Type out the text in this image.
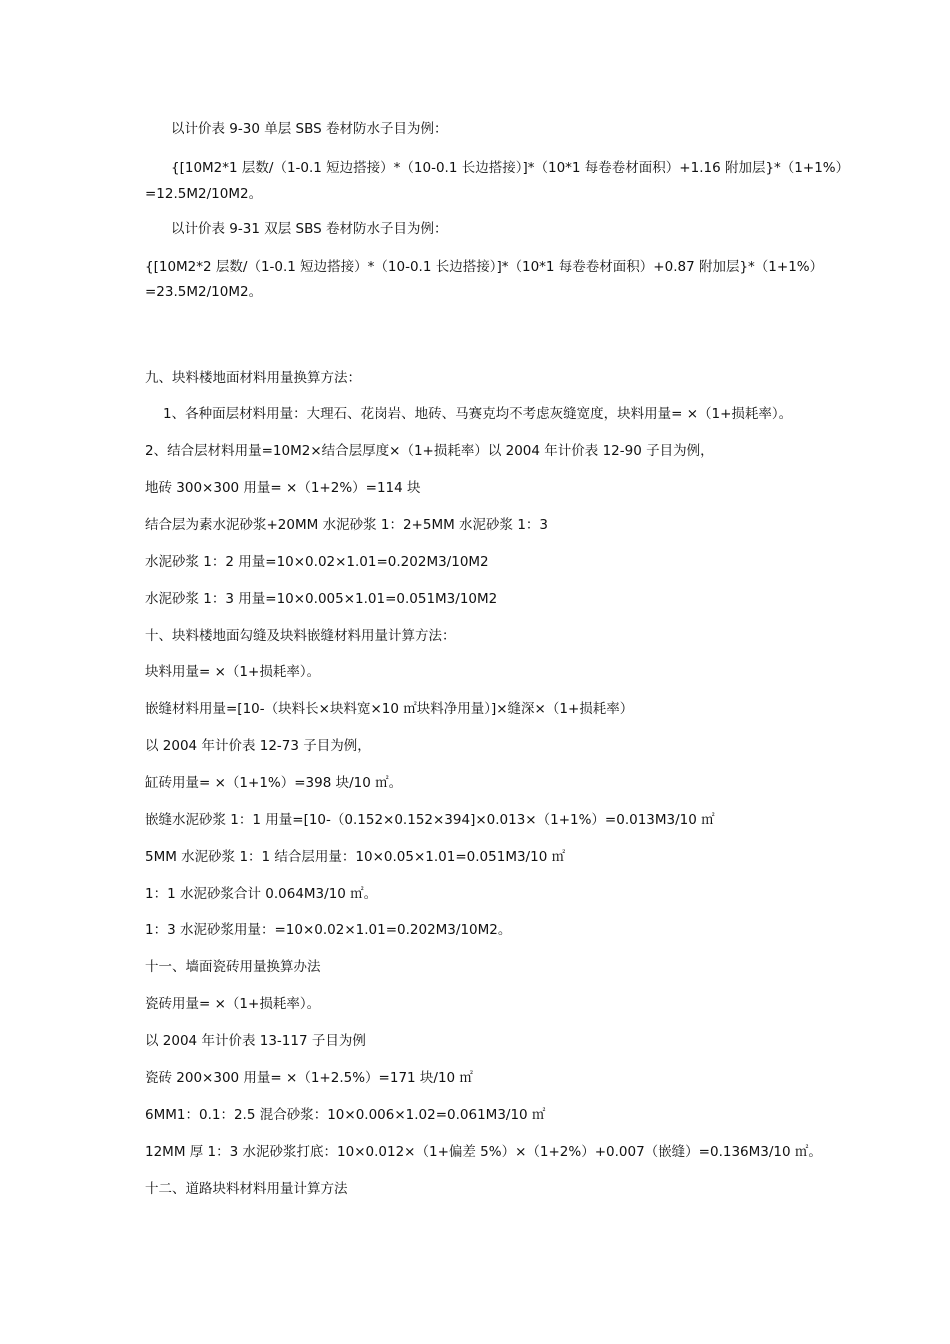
以计价表 9-30 单层 SBS 卷材防水子目为例：
{[10M2*1 层数/（1-0.1 短边搭接）*（10-0.1 长边搭接）]*（10*1 每卷卷材面积）+1.16 附加层}*（1+1%）
=12.5M2/10M2。
以计价表 9-31 双层 SBS 卷材防水子目为例：
{[10M2*2 层数/（1-0.1 短边搭接）*（10-0.1 长边搭接）]*（10*1 每卷卷材面积）+0.87 附加层}*（1+1%）
=23.5M2/10M2。
九、块料楼地面材料用量换算方法：
1、各种面层材料用量：大理石、花岗岩、地砖、马赛克均不考虑灰缝宽度，块料用量= ×（1+损耗率）。
2、结合层材料用量=10M2×结合层厚度×（1+损耗率）以 2004 年计价表 12-90 子目为例，
地砖 300×300 用量= ×（1+2%）=114 块
结合层为素水泥砂浆+20MM 水泥砂浆 1：2+5MM 水泥砂浆 1：3
水泥砂浆 1：2 用量=10×0.02×1.01=0.202M3/10M2
水泥砂浆 1：3 用量=10×0.005×1.01=0.051M3/10M2
十、块料楼地面勾缝及块料嵌缝材料用量计算方法：
块料用量= ×（1+损耗率）。
嵌缝材料用量=[10-（块料长×块料宽×10 ㎡块料净用量）]×缝深×（1+损耗率）
以 2004 年计价表 12-73 子目为例，
缸砖用量= ×（1+1%）=398 块/10 ㎡。
嵌缝水泥砂浆 1：1 用量=[10-（0.152×0.152×394]×0.013×（1+1%）=0.013M3/10 ㎡
5MM 水泥砂浆 1：1 结合层用量：10×0.05×1.01=0.051M3/10 ㎡
1：1 水泥砂浆合计 0.064M3/10 ㎡。
1：3 水泥砂浆用量：=10×0.02×1.01=0.202M3/10M2。
十一、墙面瓷砖用量换算办法
瓷砖用量= ×（1+损耗率）。
以 2004 年计价表 13-117 子目为例
瓷砖 200×300 用量= ×（1+2.5%）=171 块/10 ㎡
6MM1：0.1：2.5 混合砂浆：10×0.006×1.02=0.061M3/10 ㎡
12MM 厚 1：3 水泥砂浆打底：10×0.012×（1+偏差 5%）×（1+2%）+0.007（嵌缝）=0.136M3/10 ㎡。
十二、道路块料材料用量计算方法
